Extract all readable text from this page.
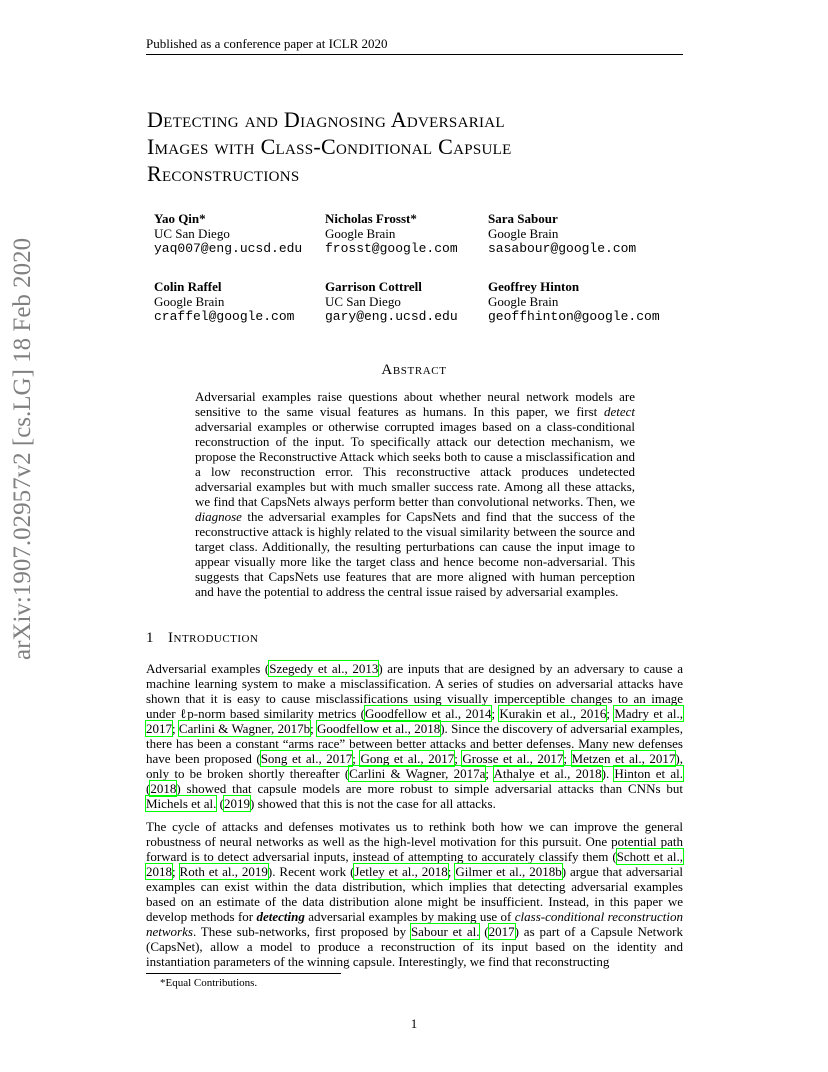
Published as a conference paper at ICLR 2020
arXiv:1907.02957v2 [cs.LG] 18 Feb 2020
Detecting and Diagnosing Adversarial
Images with Class-Conditional Capsule
Reconstructions
Yao Qin*
UC San Diego
yaq007@eng.ucsd.edu
Nicholas Frosst*
Google Brain
frosst@google.com
Sara Sabour
Google Brain
sasabour@google.com
Colin Raffel
Google Brain
craffel@google.com
Garrison Cottrell
UC San Diego
gary@eng.ucsd.edu
Geoffrey Hinton
Google Brain
geoffhinton@google.com
Abstract
Adversarial examples raise questions about whether neural network models are sensitive to the same visual features as humans. In this paper, we first detect adversarial examples or otherwise corrupted images based on a class-conditional reconstruction of the input. To specifically attack our detection mechanism, we propose the Reconstructive Attack which seeks both to cause a misclassification and a low reconstruction error. This reconstructive attack produces undetected adversarial examples but with much smaller success rate. Among all these attacks, we find that CapsNets always perform better than convolutional networks. Then, we diagnose the adversarial examples for CapsNets and find that the success of the reconstructive attack is highly related to the visual similarity between the source and target class. Additionally, the resulting perturbations can cause the input image to appear visually more like the target class and hence become non-adversarial. This suggests that CapsNets use features that are more aligned with human perception and have the potential to address the central issue raised by adversarial examples.
1 Introduction
Adversarial examples (Szegedy et al., 2013) are inputs that are designed by an adversary to cause a machine learning system to make a misclassification. A series of studies on adversarial attacks have shown that it is easy to cause misclassifications using visually imperceptible changes to an image under ℓp-norm based similarity metrics (Goodfellow et al., 2014; Kurakin et al., 2016; Madry et al., 2017; Carlini & Wagner, 2017b; Goodfellow et al., 2018). Since the discovery of adversarial examples, there has been a constant “arms race” between better attacks and better defenses. Many new defenses have been proposed (Song et al., 2017; Gong et al., 2017; Grosse et al., 2017; Metzen et al., 2017), only to be broken shortly thereafter (Carlini & Wagner, 2017a; Athalye et al., 2018). Hinton et al. (2018) showed that capsule models are more robust to simple adversarial attacks than CNNs but Michels et al. (2019) showed that this is not the case for all attacks.
The cycle of attacks and defenses motivates us to rethink both how we can improve the general robustness of neural networks as well as the high-level motivation for this pursuit. One potential path forward is to detect adversarial inputs, instead of attempting to accurately classify them (Schott et al., 2018; Roth et al., 2019). Recent work (Jetley et al., 2018; Gilmer et al., 2018b) argue that adversarial examples can exist within the data distribution, which implies that detecting adversarial examples based on an estimate of the data distribution alone might be insufficient. Instead, in this paper we develop methods for detecting adversarial examples by making use of class-conditional reconstruction networks. These sub-networks, first proposed by Sabour et al. (2017) as part of a Capsule Network (CapsNet), allow a model to produce a reconstruction of its input based on the identity and instantiation parameters of the winning capsule. Interestingly, we find that reconstructing
*Equal Contributions.
1
